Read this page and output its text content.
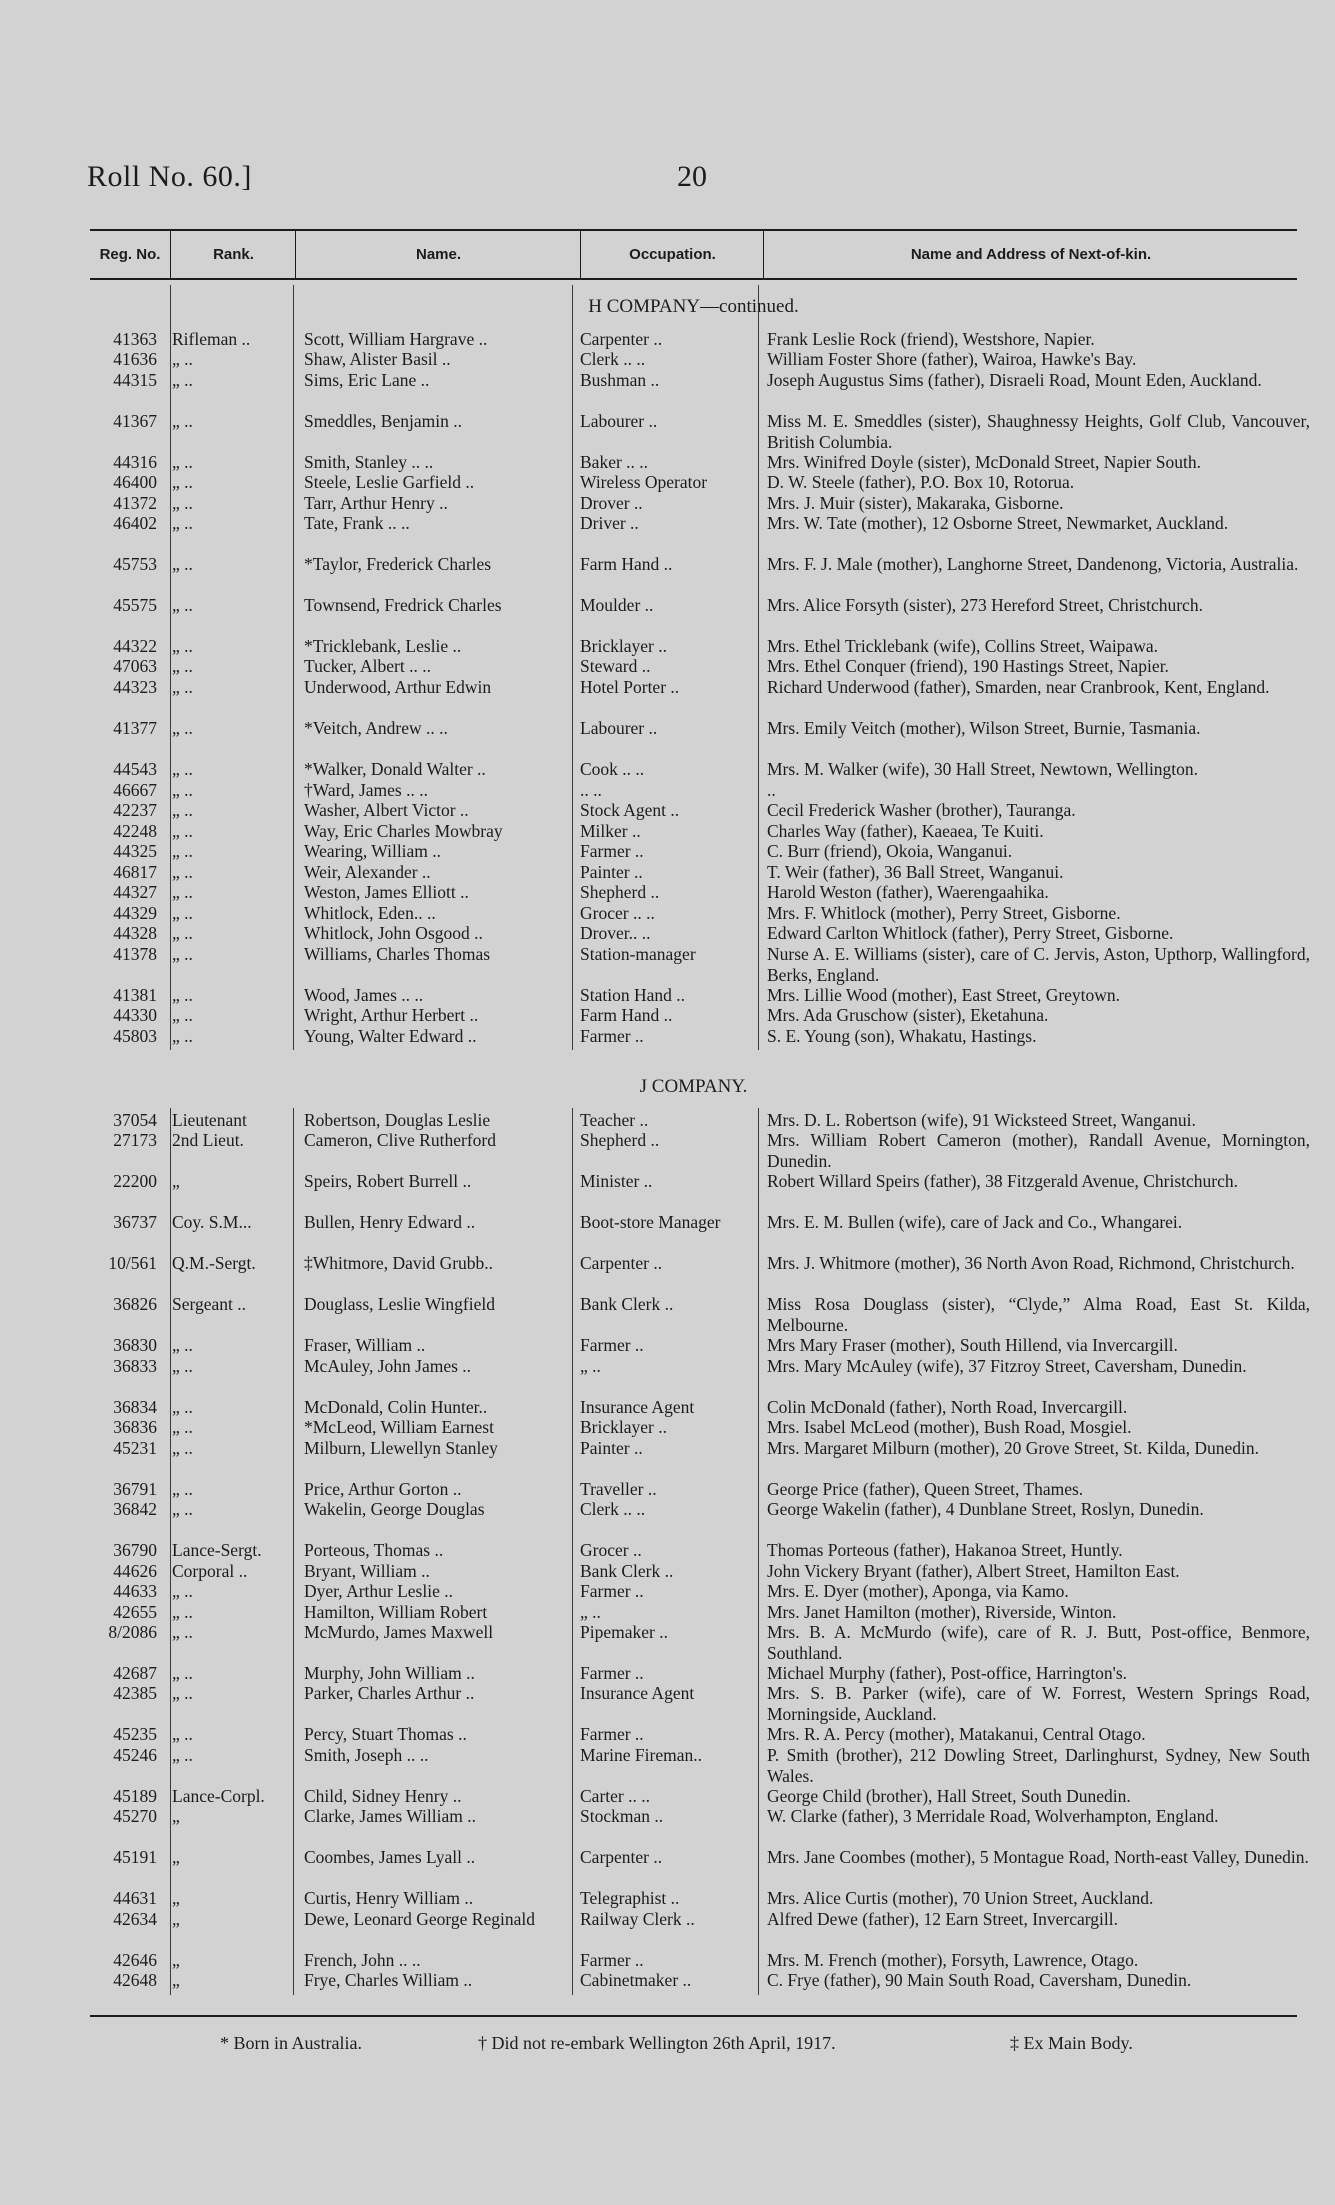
Roll No. 60.]	20
Reg. No.	Rank.	Name.	Occupation.	Name and Address of Next-of-kin.
H COMPANY—continued.
J COMPANY.
41363 Rifleman ..	Scott, William Hargrave ..	Carpenter ..	Frank Leslie Rock (friend), Westshore, Napier.
41636 „ ..	Shaw, Alister Basil ..	Clerk .. ..	William Foster Shore (father), Wairoa, Hawke's Bay.
44315 „ ..	Sims, Eric Lane ..	Bushman ..	Joseph Augustus Sims (father), Disraeli Road, Mount Eden, Auckland.
41367 „ ..	Smeddles, Benjamin ..	Labourer ..	Miss M. E. Smeddles (sister), Shaughnessy Heights, Golf Club, Vancouver, British Columbia.
44316 „ ..	Smith, Stanley .. ..	Baker .. ..	Mrs. Winifred Doyle (sister), McDonald Street, Napier South.
46400 „ ..	Steele, Leslie Garfield ..	Wireless Operator	D. W. Steele (father), P.O. Box 10, Rotorua.
41372 „ ..	Tarr, Arthur Henry ..	Drover ..	Mrs. J. Muir (sister), Makaraka, Gisborne.
46402 „ ..	Tate, Frank .. ..	Driver ..	Mrs. W. Tate (mother), 12 Osborne Street, Newmarket, Auckland.
45753 „ ..	*Taylor, Frederick Charles	Farm Hand ..	Mrs. F. J. Male (mother), Langhorne Street, Dandenong, Victoria, Australia.
45575 „ ..	Townsend, Fredrick Charles	Moulder ..	Mrs. Alice Forsyth (sister), 273 Hereford Street, Christchurch.
44322 „ ..	*Tricklebank, Leslie ..	Bricklayer ..	Mrs. Ethel Tricklebank (wife), Collins Street, Waipawa.
47063 „ ..	Tucker, Albert .. ..	Steward ..	Mrs. Ethel Conquer (friend), 190 Hastings Street, Napier.
44323 „ ..	Underwood, Arthur Edwin	Hotel Porter ..	Richard Underwood (father), Smarden, near Cranbrook, Kent, England.
41377 „ ..	*Veitch, Andrew .. ..	Labourer ..	Mrs. Emily Veitch (mother), Wilson Street, Burnie, Tasmania.
44543 „ ..	*Walker, Donald Walter ..	Cook .. ..	Mrs. M. Walker (wife), 30 Hall Street, Newtown, Wellington.
46667 „ ..	†Ward, James .. ..	.. ..	..
42237 „ ..	Washer, Albert Victor ..	Stock Agent ..	Cecil Frederick Washer (brother), Tauranga.
42248 „ ..	Way, Eric Charles Mowbray	Milker ..	Charles Way (father), Kaeaea, Te Kuiti.
44325 „ ..	Wearing, William ..	Farmer ..	C. Burr (friend), Okoia, Wanganui.
46817 „ ..	Weir, Alexander ..	Painter ..	T. Weir (father), 36 Ball Street, Wanganui.
44327 „ ..	Weston, James Elliott ..	Shepherd ..	Harold Weston (father), Waerengaahika.
44329 „ ..	Whitlock, Eden.. ..	Grocer .. ..	Mrs. F. Whitlock (mother), Perry Street, Gisborne.
44328 „ ..	Whitlock, John Osgood ..	Drover.. ..	Edward Carlton Whitlock (father), Perry Street, Gisborne.
41378 „ ..	Williams, Charles Thomas	Station-manager	Nurse A. E. Williams (sister), care of C. Jervis, Aston, Upthorp, Wallingford, Berks, England.
41381 „ ..	Wood, James .. ..	Station Hand ..	Mrs. Lillie Wood (mother), East Street, Greytown.
44330 „ ..	Wright, Arthur Herbert ..	Farm Hand ..	Mrs. Ada Gruschow (sister), Eketahuna.
45803 „ ..	Young, Walter Edward ..	Farmer ..	S. E. Young (son), Whakatu, Hastings.
37054 Lieutenant	Robertson, Douglas Leslie	Teacher ..	Mrs. D. L. Robertson (wife), 91 Wicksteed Street, Wanganui.
27173 2nd Lieut.	Cameron, Clive Rutherford	Shepherd ..	Mrs. William Robert Cameron (mother), Randall Avenue, Mornington, Dunedin.
22200 „	Speirs, Robert Burrell ..	Minister ..	Robert Willard Speirs (father), 38 Fitzgerald Avenue, Christchurch.
36737 Coy. S.M...	Bullen, Henry Edward ..	Boot-store Manager	Mrs. E. M. Bullen (wife), care of Jack and Co., Whangarei.
10/561 Q.M.-Sergt.	‡Whitmore, David Grubb..	Carpenter ..	Mrs. J. Whitmore (mother), 36 North Avon Road, Richmond, Christchurch.
36826 Sergeant ..	Douglass, Leslie Wingfield	Bank Clerk ..	Miss Rosa Douglass (sister), “Clyde,” Alma Road, East St. Kilda, Melbourne.
36830 „ ..	Fraser, William ..	Farmer ..	Mrs Mary Fraser (mother), South Hillend, via Invercargill.
36833 „ ..	McAuley, John James ..	„ ..	Mrs. Mary McAuley (wife), 37 Fitzroy Street, Caversham, Dunedin.
36834 „ ..	McDonald, Colin Hunter..	Insurance Agent	Colin McDonald (father), North Road, Invercargill.
36836 „ ..	*McLeod, William Earnest	Bricklayer ..	Mrs. Isabel McLeod (mother), Bush Road, Mosgiel.
45231 „ ..	Milburn, Llewellyn Stanley	Painter ..	Mrs. Margaret Milburn (mother), 20 Grove Street, St. Kilda, Dunedin.
36791 „ ..	Price, Arthur Gorton ..	Traveller ..	George Price (father), Queen Street, Thames.
36842 „ ..	Wakelin, George Douglas	Clerk .. ..	George Wakelin (father), 4 Dunblane Street, Roslyn, Dunedin.
36790 Lance-Sergt.	Porteous, Thomas ..	Grocer ..	Thomas Porteous (father), Hakanoa Street, Huntly.
44626 Corporal ..	Bryant, William ..	Bank Clerk ..	John Vickery Bryant (father), Albert Street, Hamilton East.
44633 „ ..	Dyer, Arthur Leslie ..	Farmer ..	Mrs. E. Dyer (mother), Aponga, via Kamo.
42655 „ ..	Hamilton, William Robert	„ ..	Mrs. Janet Hamilton (mother), Riverside, Winton.
8/2086 „ ..	McMurdo, James Maxwell	Pipemaker ..	Mrs. B. A. McMurdo (wife), care of R. J. Butt, Post-office, Benmore, Southland.
42687 „ ..	Murphy, John William ..	Farmer ..	Michael Murphy (father), Post-office, Harrington's.
42385 „ ..	Parker, Charles Arthur ..	Insurance Agent	Mrs. S. B. Parker (wife), care of W. Forrest, Western Springs Road, Morningside, Auckland.
45235 „ ..	Percy, Stuart Thomas ..	Farmer ..	Mrs. R. A. Percy (mother), Matakanui, Central Otago.
45246 „ ..	Smith, Joseph .. ..	Marine Fireman..	P. Smith (brother), 212 Dowling Street, Darlinghurst, Sydney, New South Wales.
45189 Lance-Corpl.	Child, Sidney Henry ..	Carter .. ..	George Child (brother), Hall Street, South Dunedin.
45270 „	Clarke, James William ..	Stockman ..	W. Clarke (father), 3 Merridale Road, Wolverhampton, England.
45191 „	Coombes, James Lyall ..	Carpenter ..	Mrs. Jane Coombes (mother), 5 Montague Road, North-east Valley, Dunedin.
44631 „	Curtis, Henry William ..	Telegraphist ..	Mrs. Alice Curtis (mother), 70 Union Street, Auckland.
42634 „	Dewe, Leonard George Reginald	Railway Clerk ..	Alfred Dewe (father), 12 Earn Street, Invercargill.
42646 „	French, John .. ..	Farmer ..	Mrs. M. French (mother), Forsyth, Lawrence, Otago.
42648 „	Frye, Charles William ..	Cabinetmaker ..	C. Frye (father), 90 Main South Road, Caversham, Dunedin.
* Born in Australia.	† Did not re-embark Wellington 26th April, 1917.	‡ Ex Main Body.
